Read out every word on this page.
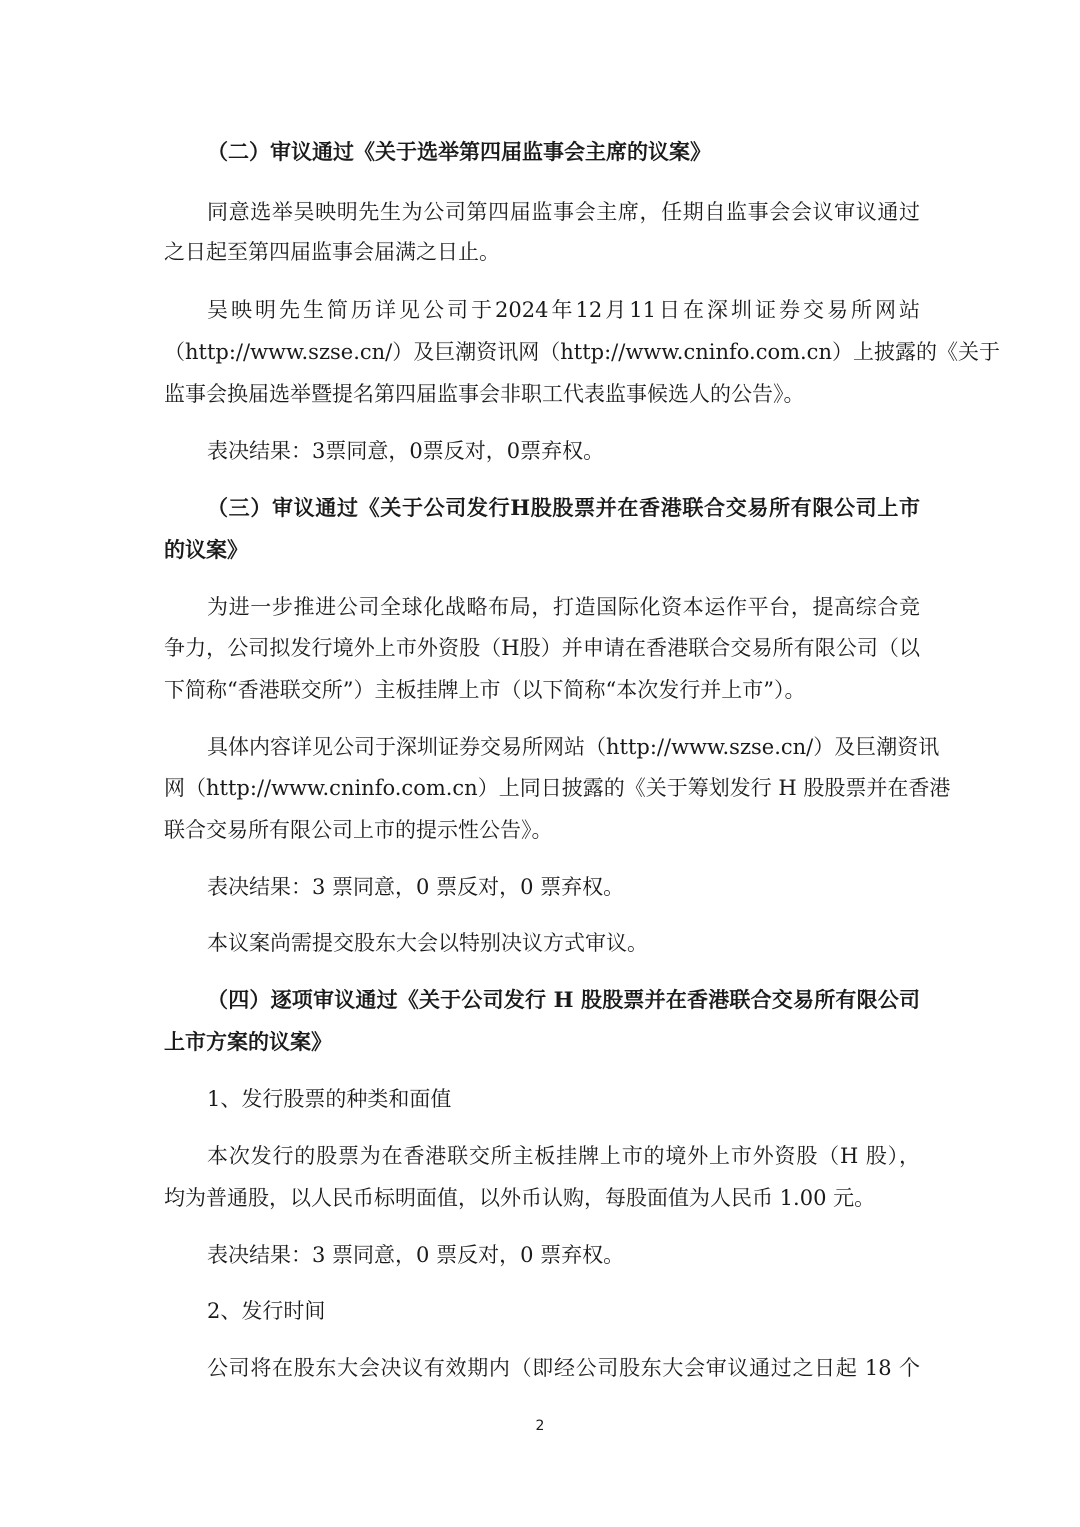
（二）审议通过《关于选举第四届监事会主席的议案》
同意选举吴映明先生为公司第四届监事会主席，任期自监事会会议审议通过
之日起至第四届监事会届满之日止。
吴映明先生简历详见公司于2024年12月11日在深圳证券交易所网站
（http://www.szse.cn/）及巨潮资讯网（http://www.cninfo.com.cn）上披露的《关于
监事会换届选举暨提名第四届监事会非职工代表监事候选人的公告》。
表决结果：3票同意，0票反对，0票弃权。
（三）审议通过《关于公司发行H股股票并在香港联合交易所有限公司上市
的议案》
为进一步推进公司全球化战略布局，打造国际化资本运作平台，提高综合竞
争力，公司拟发行境外上市外资股（H股）并申请在香港联合交易所有限公司（以
下简称“香港联交所”）主板挂牌上市（以下简称“本次发行并上市”）。
具体内容详见公司于深圳证券交易所网站（http://www.szse.cn/）及巨潮资讯
网（http://www.cninfo.com.cn）上同日披露的《关于筹划发行 H 股股票并在香港
联合交易所有限公司上市的提示性公告》。
表决结果：3 票同意，0 票反对，0 票弃权。
本议案尚需提交股东大会以特别决议方式审议。
（四）逐项审议通过《关于公司发行 H 股股票并在香港联合交易所有限公司
上市方案的议案》
1、发行股票的种类和面值
本次发行的股票为在香港联交所主板挂牌上市的境外上市外资股（H 股），
均为普通股，以人民币标明面值，以外币认购，每股面值为人民币 1.00 元。
表决结果：3 票同意，0 票反对，0 票弃权。
2、发行时间
公司将在股东大会决议有效期内（即经公司股东大会审议通过之日起 18 个
2
